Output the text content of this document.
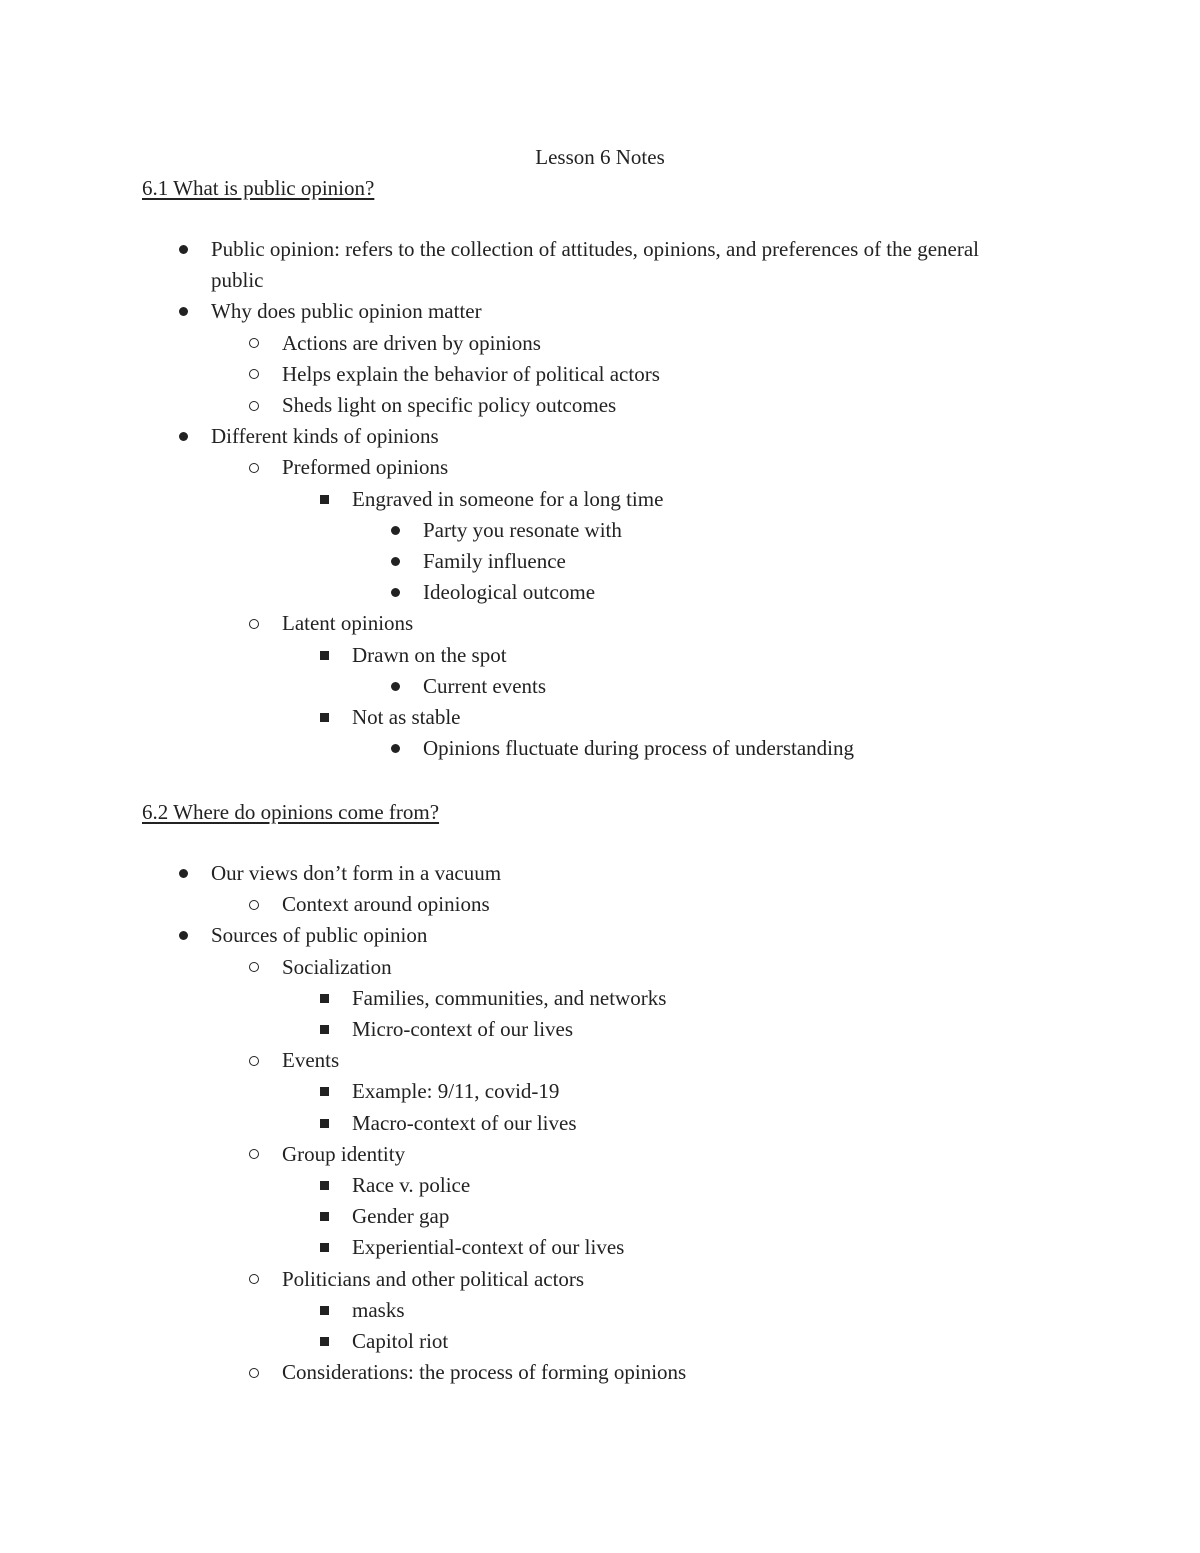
Lesson 6 Notes
6.1 What is public opinion?
Public opinion: refers to the collection of attitudes, opinions, and preferences of the general public
Why does public opinion matter
Actions are driven by opinions
Helps explain the behavior of political actors
Sheds light on specific policy outcomes
Different kinds of opinions
Preformed opinions
Engraved in someone for a long time
Party you resonate with
Family influence
Ideological outcome
Latent opinions
Drawn on the spot
Current events
Not as stable
Opinions fluctuate during process of understanding
6.2 Where do opinions come from?
Our views don’t form in a vacuum
Context around opinions
Sources of public opinion
Socialization
Families, communities, and networks
Micro-context of our lives
Events
Example: 9/11, covid-19
Macro-context of our lives
Group identity
Race v. police
Gender gap
Experiential-context of our lives
Politicians and other political actors
masks
Capitol riot
Considerations: the process of forming opinions
